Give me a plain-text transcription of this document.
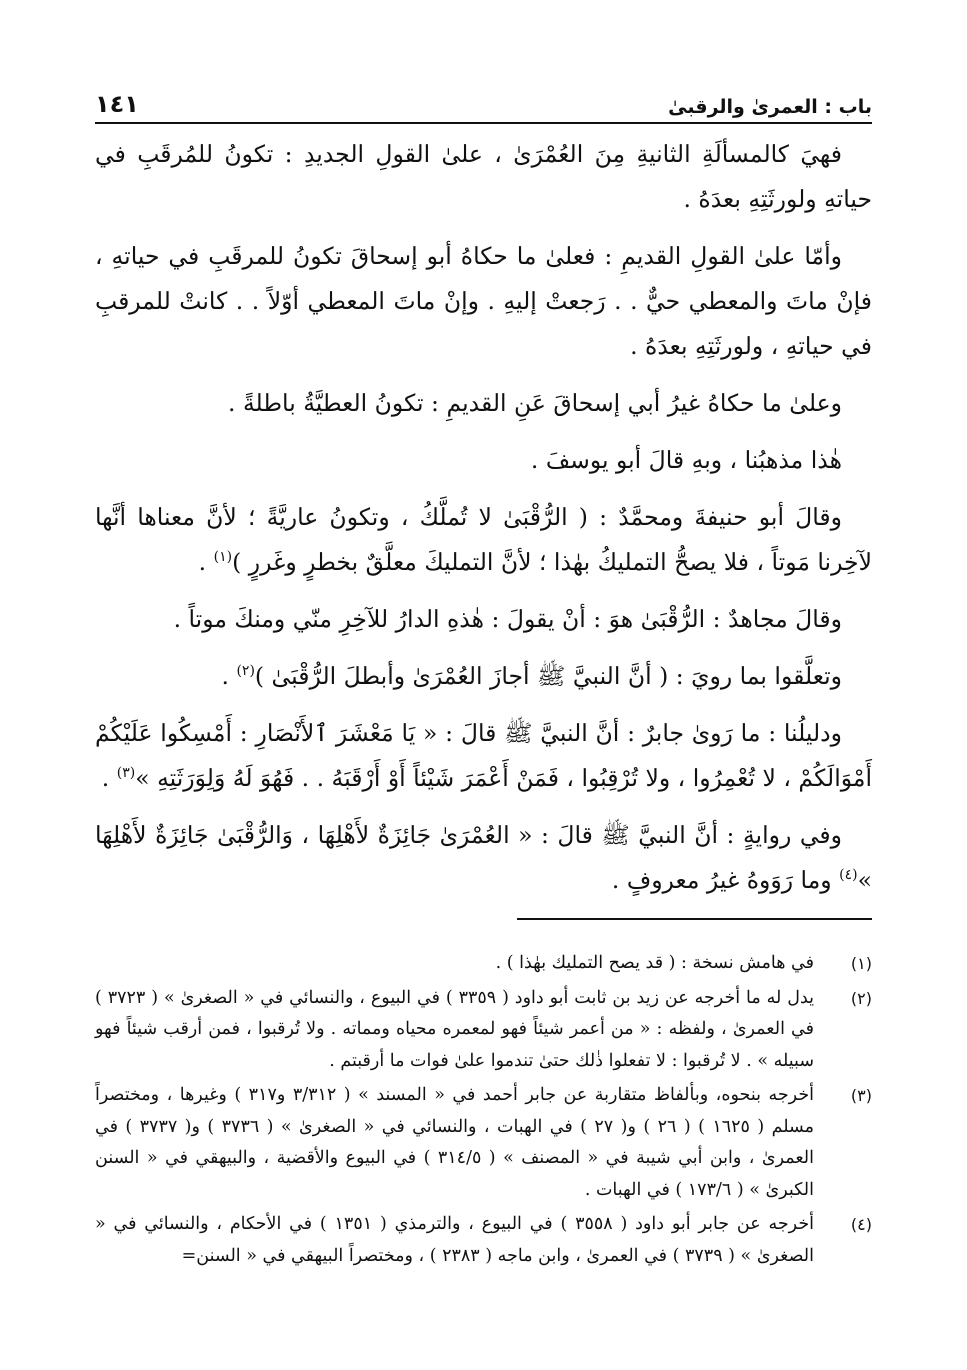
باب : العمرىٰ والرقبىٰ
١٤١

فهيَ كالمسألَةِ الثانيةِ مِنَ العُمْرَىٰ ، علىٰ القولِ الجديدِ : تكونُ للمُرقَبِ في حياتهِ ولورثَتِهِ بعدَهُ .

وأمّا علىٰ القولِ القديمِ : فعلىٰ ما حكاهُ أبو إسحاقَ تكونُ للمرقَبِ في حياتهِ ، فإنْ ماتَ والمعطي حيٌّ . . رَجعتْ إليهِ . وإنْ ماتَ المعطي أوّلاً . . كانتْ للمرقبِ في حياتهِ ، ولورثَتِهِ بعدَهُ .

وعلىٰ ما حكاهُ غيرُ أبي إسحاقَ عَنِ القديمِ : تكونُ العطيَّةُ باطلةً .

هٰذا مذهبُنا ، وبهِ قالَ أبو يوسفَ .

وقالَ أبو حنيفةَ ومحمَّدٌ : ( الرُّقْبَىٰ لا تُملَّكُ ، وتكونُ عاريَّةً ؛ لأنَّ معناها أنَّها لآخِرنا مَوتاً ، فلا يصحُّ التمليكُ بهٰذا ؛ لأنَّ التمليكَ معلَّقٌ بخطرٍ وغَررٍ )$^{(١)}$ .

وقالَ مجاهدٌ : الرُّقْبَىٰ هوَ : أنْ يقولَ : هٰذهِ الدارُ للآخِرِ منّي ومنكَ موتاً .

وتعلَّقوا بما رويَ : ( أنَّ النبيَّ ﷺ أجازَ العُمْرَىٰ وأبطلَ الرُّقْبَىٰ )$^{(٢)}$ .

ودليلُنا : ما رَوىٰ جابرٌ : أنَّ النبيَّ ﷺ قالَ : « يَا مَعْشَرَ ٱلأَنْصَارِ : أَمْسِكُوا عَلَيْكُمْ أَمْوَالَكُمْ ، لا تُعْمِرُوا ، ولا تُرْقِبُوا ، فَمَنْ أَعْمَرَ شَيْئاً أَوْ أَرْقَبَهُ . . فَهُوَ لَهُ وَلِوَرَثَتِهِ »$^{(٣)}$ .

وفي روايةٍ : أنَّ النبيَّ ﷺ قالَ : « العُمْرَىٰ جَائِزَةٌ لأَهْلِهَا ، وَالرُّقْبَىٰ جَائِزَةٌ لأَهْلِهَا »$^{(٤)}$ وما رَوَوهُ غيرُ معروفٍ .

(١)
في هامش نسخة : ( قد يصح التمليك بهٰذا ) .
(٢)
يدل له ما أخرجه عن زيد بن ثابت أبو داود ( ٣٣٥٩ ) في البيوع ، والنسائي في « الصغرىٰ » ( ٣٧٢٣ ) في العمرىٰ ، ولفظه : « من أعمر شيئاً فهو لمعمره محياه ومماته . ولا تُرقبوا ، فمن أرقب شيئاً فهو سبيله » . لا تُرقبوا : لا تفعلوا ذٰلك حتىٰ تندموا علىٰ فوات ما أرقبتم .
(٣)
أخرجه بنحوه، وبألفاظ متقاربة عن جابر أحمد في « المسند » ( ٣/٣١٢ و٣١٧ ) وغيرها ، ومختصراً مسلم ( ١٦٢٥ ) ( ٢٦ ) و( ٢٧ ) في الهبات ، والنسائي في « الصغرىٰ » ( ٣٧٣٦ ) و( ٣٧٣٧ ) في العمرىٰ ، وابن أبي شيبة في « المصنف » ( ٣١٤/٥ ) في البيوع والأقضية ، والبيهقي في « السنن الكبرىٰ » ( ١٧٣/٦ ) في الهبات .
(٤)
أخرجه عن جابر أبو داود ( ٣٥٥٨ ) في البيوع ، والترمذي ( ١٣٥١ ) في الأحكام ، والنسائي في « الصغرىٰ » ( ٣٧٣٩ ) في العمرىٰ ، وابن ماجه ( ٢٣٨٣ ) ، ومختصراً البيهقي في « السنن=
